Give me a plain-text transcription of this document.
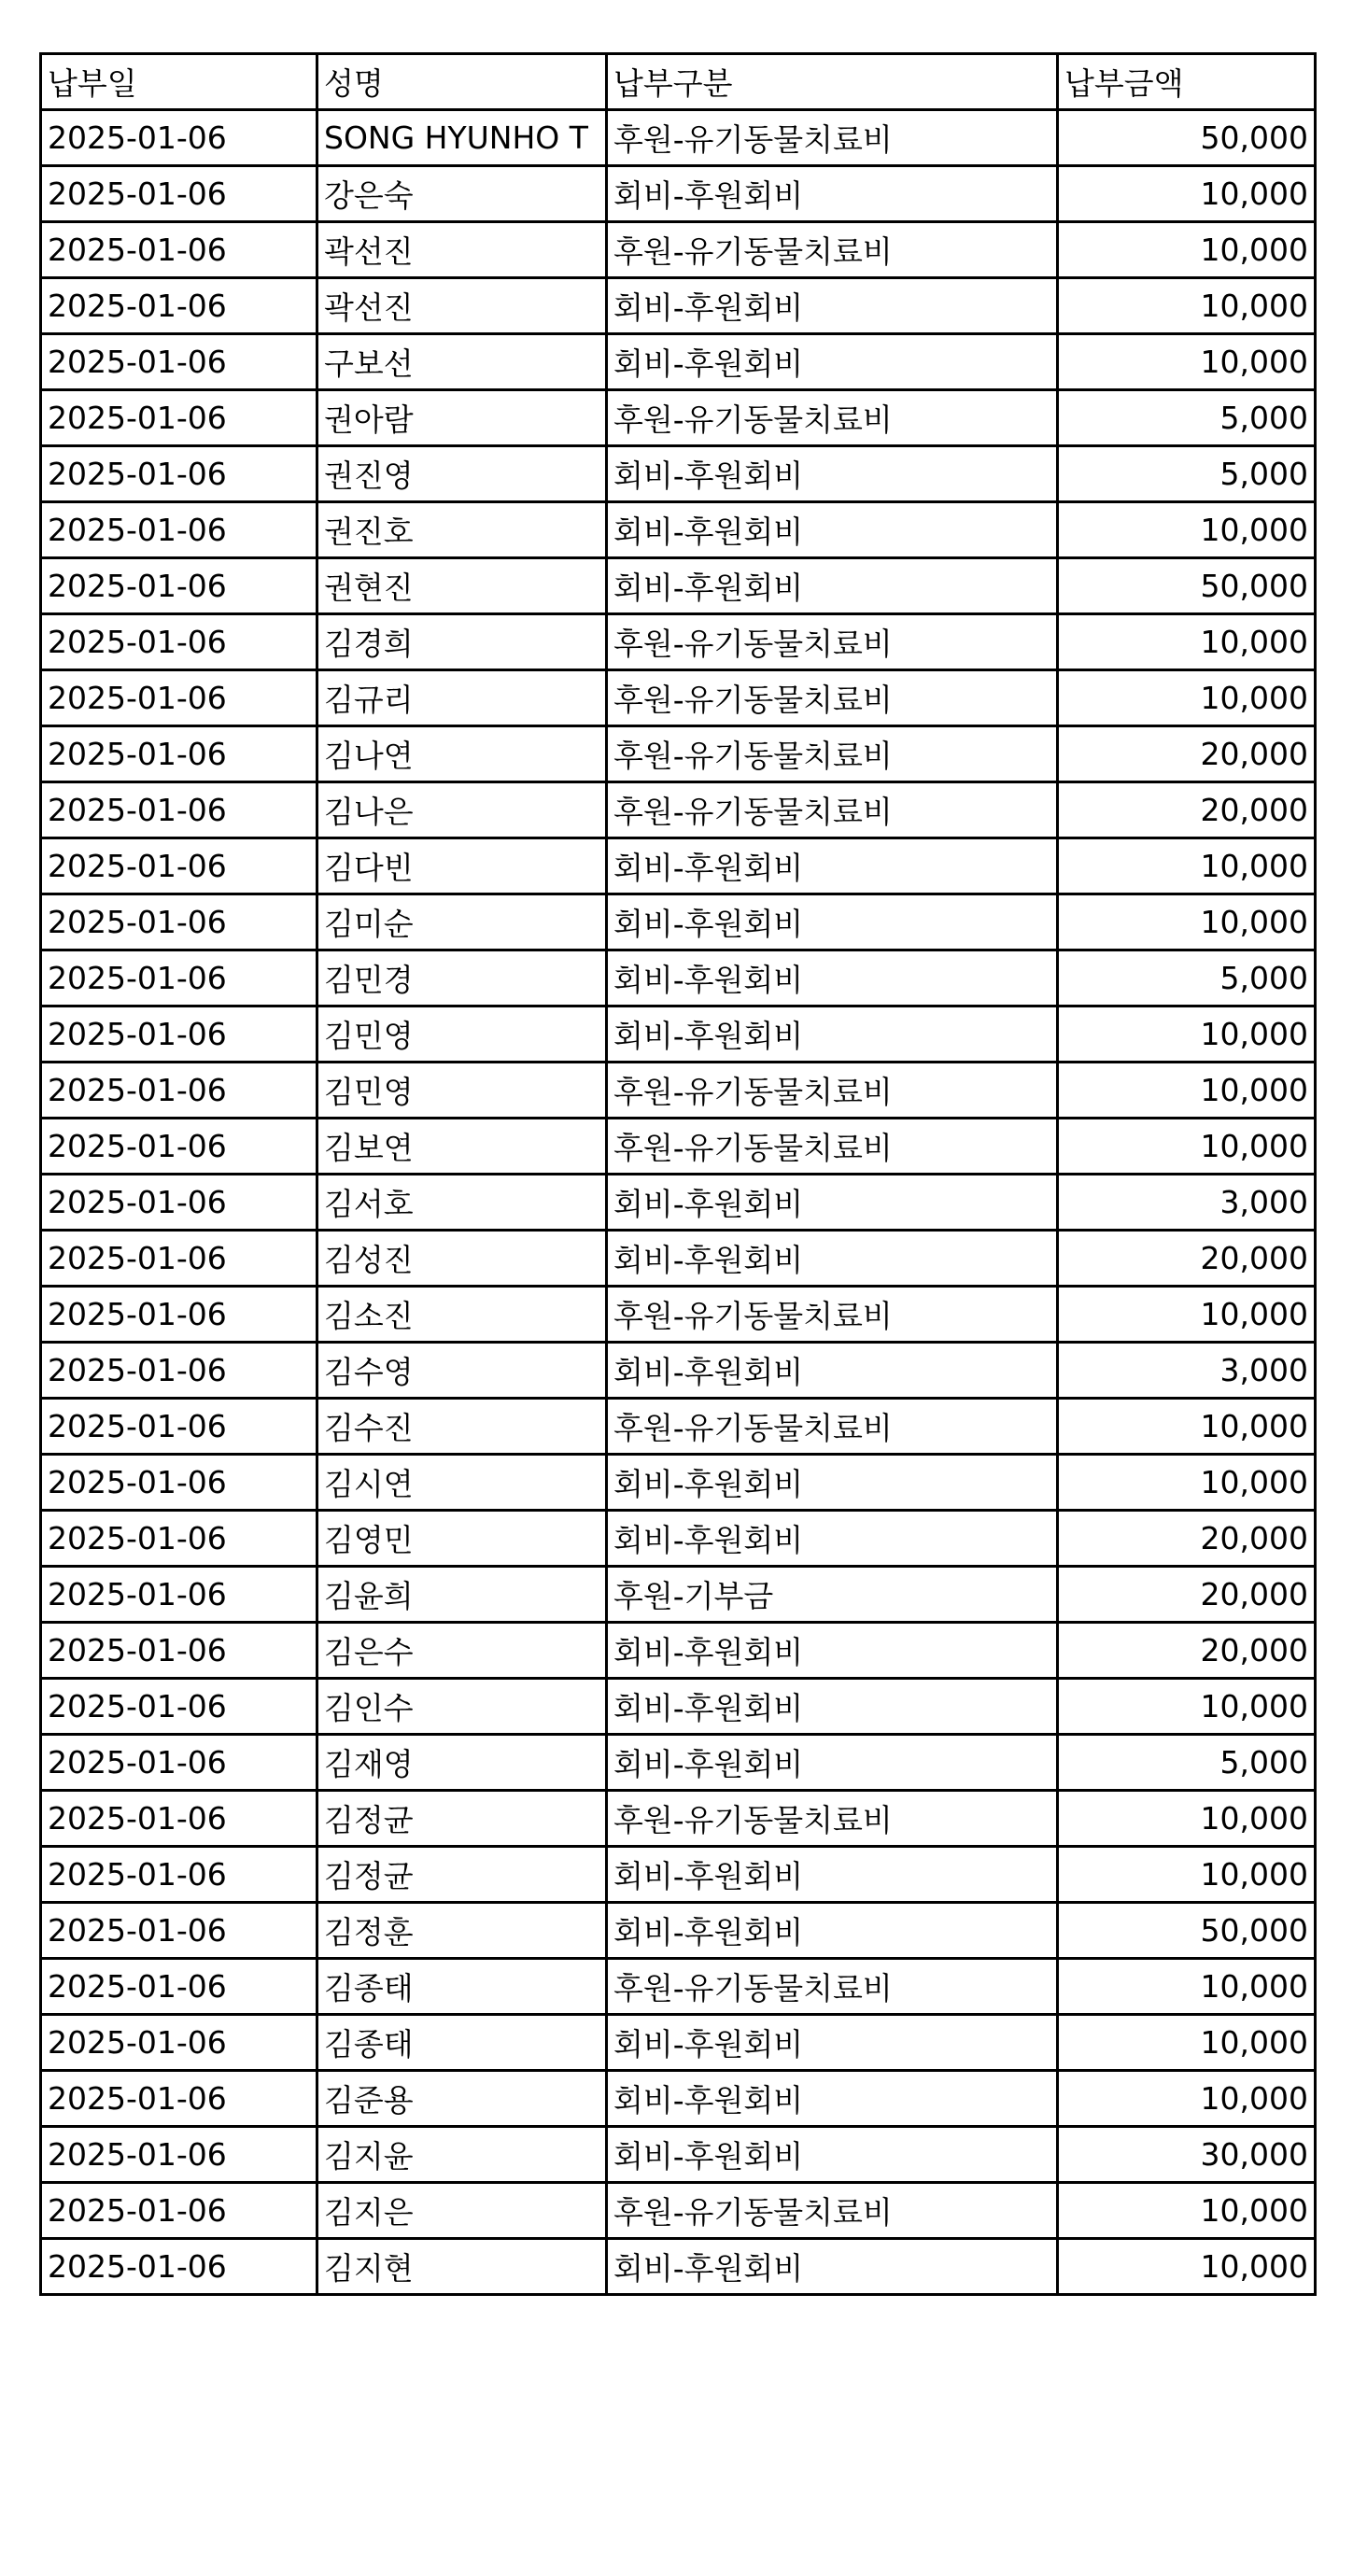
납부일	성명	납부구분	납부금액
2025-01-06	SONG HYUNHO T	후원-유기동물치료비	50,000
2025-01-06	강은숙	회비-후원회비	10,000
2025-01-06	곽선진	후원-유기동물치료비	10,000
2025-01-06	곽선진	회비-후원회비	10,000
2025-01-06	구보선	회비-후원회비	10,000
2025-01-06	권아람	후원-유기동물치료비	5,000
2025-01-06	권진영	회비-후원회비	5,000
2025-01-06	권진호	회비-후원회비	10,000
2025-01-06	권현진	회비-후원회비	50,000
2025-01-06	김경희	후원-유기동물치료비	10,000
2025-01-06	김규리	후원-유기동물치료비	10,000
2025-01-06	김나연	후원-유기동물치료비	20,000
2025-01-06	김나은	후원-유기동물치료비	20,000
2025-01-06	김다빈	회비-후원회비	10,000
2025-01-06	김미순	회비-후원회비	10,000
2025-01-06	김민경	회비-후원회비	5,000
2025-01-06	김민영	회비-후원회비	10,000
2025-01-06	김민영	후원-유기동물치료비	10,000
2025-01-06	김보연	후원-유기동물치료비	10,000
2025-01-06	김서호	회비-후원회비	3,000
2025-01-06	김성진	회비-후원회비	20,000
2025-01-06	김소진	후원-유기동물치료비	10,000
2025-01-06	김수영	회비-후원회비	3,000
2025-01-06	김수진	후원-유기동물치료비	10,000
2025-01-06	김시연	회비-후원회비	10,000
2025-01-06	김영민	회비-후원회비	20,000
2025-01-06	김윤희	후원-기부금	20,000
2025-01-06	김은수	회비-후원회비	20,000
2025-01-06	김인수	회비-후원회비	10,000
2025-01-06	김재영	회비-후원회비	5,000
2025-01-06	김정균	후원-유기동물치료비	10,000
2025-01-06	김정균	회비-후원회비	10,000
2025-01-06	김정훈	회비-후원회비	50,000
2025-01-06	김종태	후원-유기동물치료비	10,000
2025-01-06	김종태	회비-후원회비	10,000
2025-01-06	김준용	회비-후원회비	10,000
2025-01-06	김지윤	회비-후원회비	30,000
2025-01-06	김지은	후원-유기동물치료비	10,000
2025-01-06	김지현	회비-후원회비	10,000
